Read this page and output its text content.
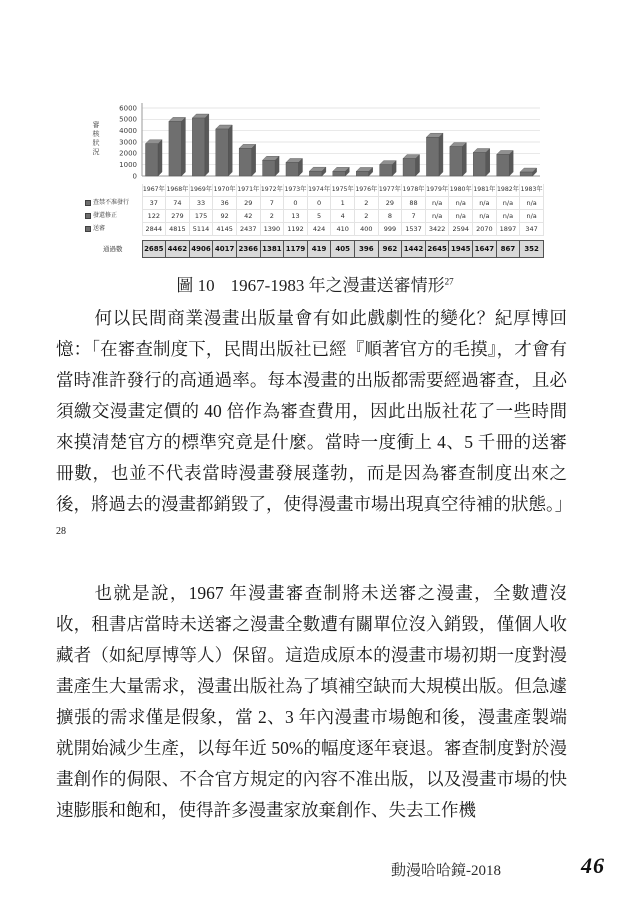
6000
5000
4000
3000
2000
1000
0
審
核
狀
況
	1967年	1968年	1969年	1970年	1971年	1972年	1973年	1974年	1975年	1976年	1977年	1978年	1979年	1980年	1981年	1982年	1983年
查禁不准發行	37	74	33	36	29	7	0	0	1	2	29	88	n/a	n/a	n/a	n/a	n/a
發還修正	122	279	175	92	42	2	13	5	4	2	8	7	n/a	n/a	n/a	n/a	n/a
送審	2844	4815	5114	4145	2437	1390	1192	424	410	400	999	1537	3422	2594	2070	1897	347

通過數	2685	4462	4906	4017	2366	1381	1179	419	405	396	962	1442	2645	1945	1647	867	352
圖 10 1967-1983 年之漫畫送審情形$^{27}$

何以民間商業漫畫出版量會有如此戲劇性的變化？紀厚博回憶：「在審查制度下，民間出版社已經『順著官方的毛摸』，才會有當時准許發行的高通過率。每本漫畫的出版都需要經過審查，且必須繳交漫畫定價的 40 倍作為審查費用，因此出版社花了一些時間來摸清楚官方的標準究竟是什麼。當時一度衝上 4、5 千冊的送審冊數，也並不代表當時漫畫發展蓬勃，而是因為審查制度出來之後，將過去的漫畫都銷毀了，使得漫畫市場出現真空待補的狀態。」$^{28}$

也就是說，1967 年漫畫審查制將未送審之漫畫，全數遭沒收，租書店當時未送審之漫畫全數遭有關單位沒入銷毀，僅個人收藏者（如紀厚博等人）保留。這造成原本的漫畫市場初期一度對漫畫產生大量需求，漫畫出版社為了填補空缺而大規模出版。但急遽擴張的需求僅是假象，當 2、3 年內漫畫市場飽和後，漫畫產製端就開始減少生產，以每年近 50%的幅度逐年衰退。審查制度對於漫畫創作的侷限、不合官方規定的內容不准出版，以及漫畫市場的快速膨脹和飽和，使得許多漫畫家放棄創作、失去工作機

動漫哈哈鏡-2018	46
